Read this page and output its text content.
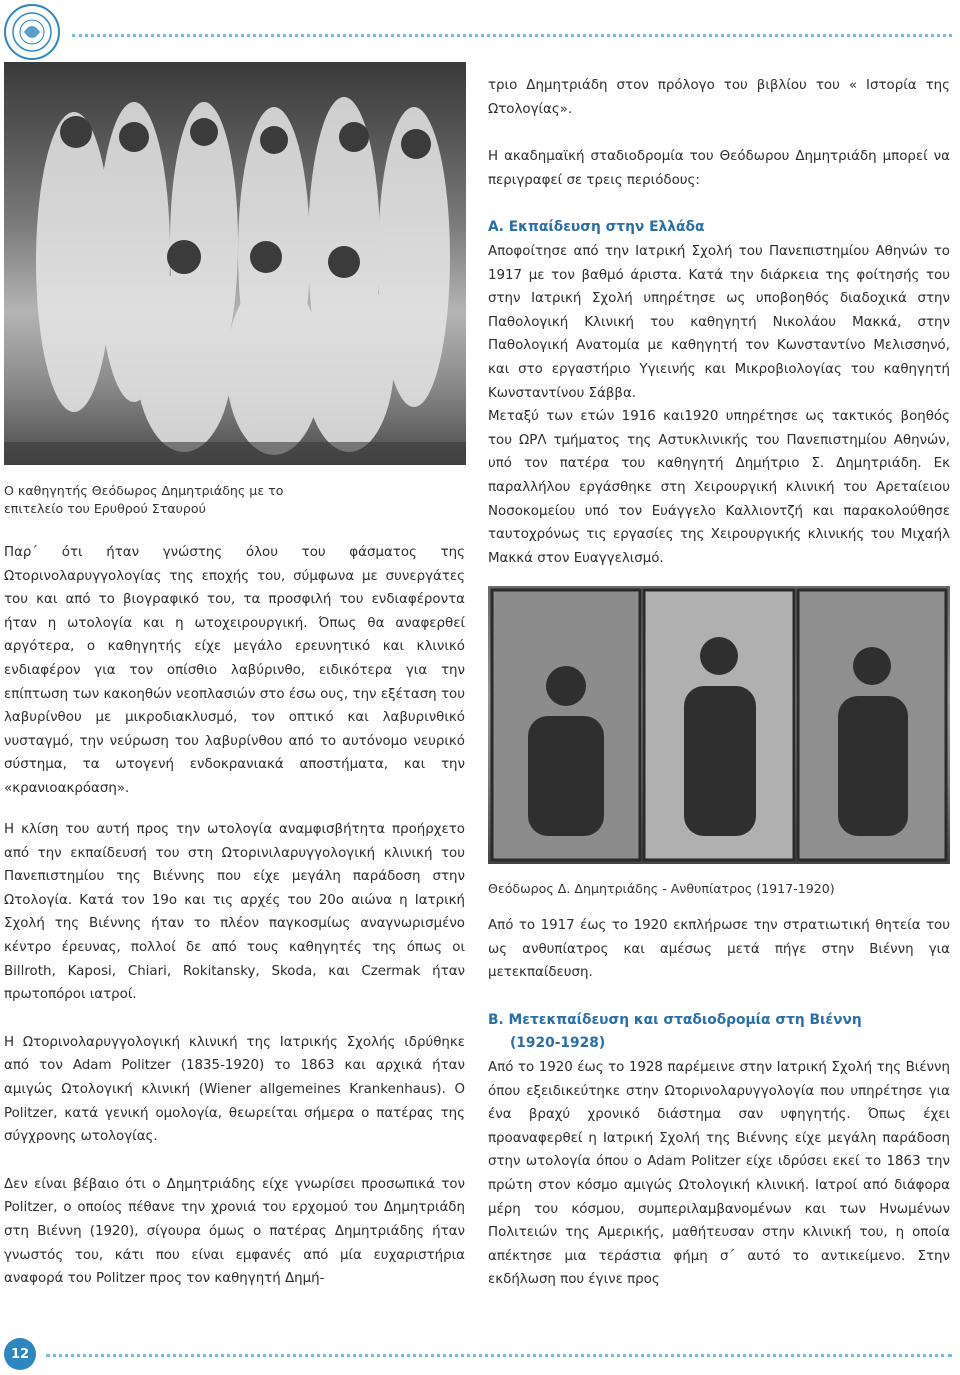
Ο καθηγητής Θεόδωρος Δημητριάδης με το επιτελείο του Ερυθρού Σταυρού
Θεόδωρος Δ. Δημητριάδης - Ανθυπίατρος (1917-1920)

Παρ΄ ότι ήταν γνώστης όλου του φάσματος της Ωτορινολαρυγγολογίας της εποχής του, σύμφωνα με συνεργάτες του και από το βιογραφικό του, τα προσφιλή του ενδιαφέροντα ήταν η ωτολογία και η ωτοχειρουργική. Όπως θα αναφερθεί αργότερα, ο καθηγητής είχε μεγάλο ερευνητικό και κλινικό ενδιαφέρον για τον οπίσθιο λαβύρινθο, ειδικότερα για την επίπτωση των κακοηθών νεοπλασιών στο έσω ους, την εξέταση του λαβυρίνθου με μικροδιακλυσμό, τον οπτικό και λαβυρινθικό νυσταγμό, την νεύρωση του λαβυρίνθου από το αυτόνομο νευρικό σύστημα, τα ωτογενή ενδοκρανιακά αποστήματα, και την «κρανιοακρόαση».

Η κλίση του αυτή προς την ωτολογία αναμφισβήτητα προήρχετο από την εκπαίδευσή του στη Ωτορινιλαρυγγολογική κλινική του Πανεπιστημίου της Βιέννης που είχε μεγάλη παράδοση στην Ωτολογία. Κατά τον 19ο και τις αρχές του 20ο αιώνα η Ιατρική Σχολή της Βιέννης ήταν το πλέον παγκοσμίως αναγνωρισμένο κέντρο έρευνας, πολλοί δε από τους καθηγητές της όπως οι Billroth, Kaposi, Chiari, Rokitansky, Skoda, και Czermak ήταν πρωτοπόροι ιατροί.

Η Ωτορινολαρυγγολογική κλινική της Ιατρικής Σχολής ιδρύθηκε από τον Adam Politzer (1835-1920) το 1863 και αρχικά ήταν αμιγώς Ωτολογική κλινική (Wiener allgemeines Krankenhaus). Ο Politzer, κατά γενική ομολογία, θεωρείται σήμερα ο πατέρας της σύγχρονης ωτολογίας.

Δεν είναι βέβαιο ότι ο Δημητριάδης είχε γνωρίσει προσωπικά τον Politzer, ο οποίος πέθανε την χρονιά του ερχομού του Δημητριάδη στη Βιέννη (1920), σίγουρα όμως ο πατέρας Δημητριάδης ήταν γνωστός του, κάτι που είναι εμφανές από μία ευχαριστήρια αναφορά του Politzer προς τον καθηγητή Δημή-

τριο Δημητριάδη στον πρόλογο του βιβλίου του « Ιστορία της Ωτολογίας».

Η ακαδημαϊκή σταδιοδρομία του Θεόδωρου Δημητριάδη μπορεί να περιγραφεί σε τρεις περιόδους:

Α. Εκπαίδευση στην Ελλάδα

Αποφοίτησε από την Ιατρική Σχολή του Πανεπιστημίου Αθηνών το 1917 με τον βαθμό άριστα. Κατά την διάρκεια της φοίτησής του στην Ιατρική Σχολή υπηρέτησε ως υποβοηθός διαδοχικά στην Παθολογική Κλινική του καθηγητή Νικολάου Μακκά, στην Παθολογική Ανατομία με καθηγητή τον Κωνσταντίνο Μελισσηνό, και στο εργαστήριο Υγιεινής και Μικροβιολογίας του καθηγητή Κωνσταντίνου Σάββα.

Μεταξύ των ετών 1916 και1920 υπηρέτησε ως τακτικός βοηθός του ΩΡΛ τμήματος της Αστυκλινικής του Πανεπιστημίου Αθηνών, υπό τον πατέρα του καθηγητή Δημήτριο Σ. Δημητριάδη. Εκ παραλλήλου εργάσθηκε στη Χειρουργική κλινική του Αρεταίειου Νοσοκομείου υπό τον Ευάγγελο Καλλιοντζή και παρακολούθησε ταυτοχρόνως τις εργασίες της Χειρουργικής κλινικής του Μιχαήλ Μακκά στον Ευαγγελισμό.

Από το 1917 έως το 1920 εκπλήρωσε την στρατιωτική θητεία του ως ανθυπίατρος και αμέσως μετά πήγε στην Βιέννη για μετεκπαίδευση.

Β. Μετεκπαίδευση και σταδιοδρομία στη Βιέννη
(1920-1928)

Από το 1920 έως το 1928 παρέμεινε στην Ιατρική Σχολή της Βιέννη όπου εξειδικεύτηκε στην Ωτορινολαρυγγολογία που υπηρέτησε για ένα βραχύ χρονικό διάστημα σαν υφηγητής. Όπως έχει προαναφερθεί η Ιατρική Σχολή της Βιέννης είχε μεγάλη παράδοση στην ωτολογία όπου ο Adam Politzer είχε ιδρύσει εκεί το 1863 την πρώτη στον κόσμο αμιγώς Ωτολογική κλινική. Ιατροί από διάφορα μέρη του κόσμου, συμπεριλαμβανομένων και των Ηνωμένων Πολιτειών της Αμερικής, μαθήτευσαν στην κλινική του, η οποία απέκτησε μια τεράστια φήμη σ΄ αυτό το αντικείμενο. Στην εκδήλωση που έγινε προς

12
